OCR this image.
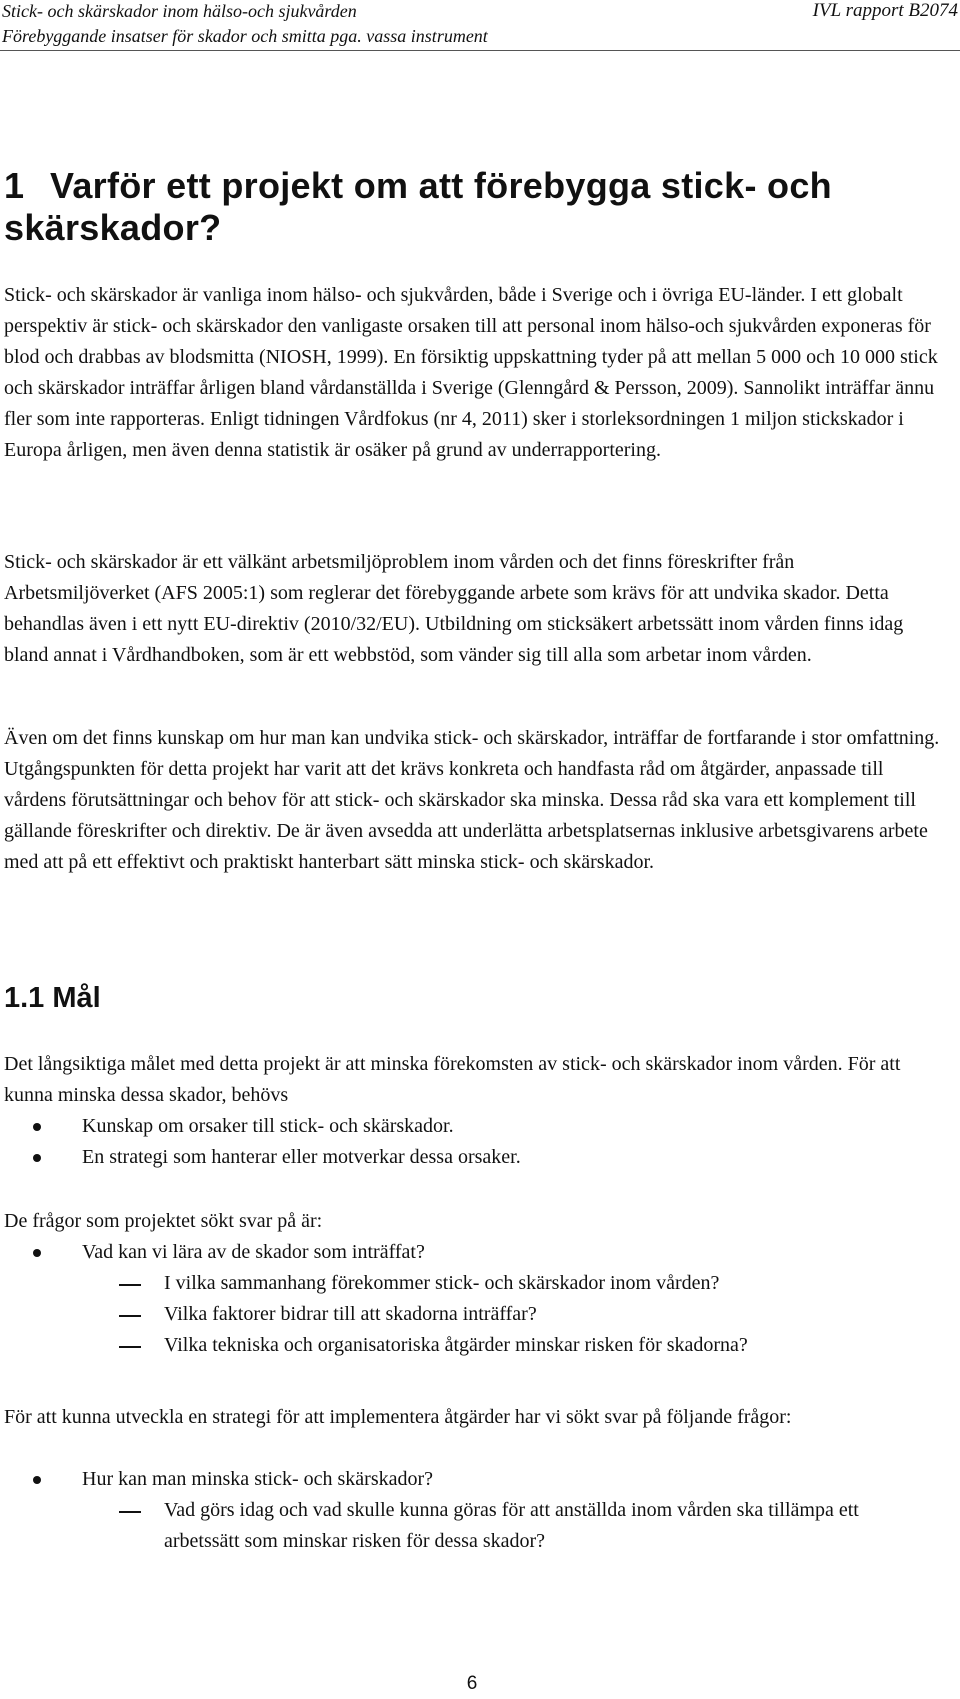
Stick- och skärskador inom hälso-och sjukvården
Förebyggande insatser för skador och smitta pga. vassa instrument
IVL rapport B2074
1 Varför ett projekt om att förebygga stick- och skärskador?

Stick- och skärskador är vanliga inom hälso- och sjukvården, både i Sverige och i övriga EU-länder. I ett globalt perspektiv är stick- och skärskador den vanligaste orsaken till att personal inom hälso-och sjukvården exponeras för blod och drabbas av blodsmitta (NIOSH, 1999). En försiktig uppskattning tyder på att mellan 5 000 och 10 000 stick och skärskador inträffar årligen bland vårdanställda i Sverige (Glenngård & Persson, 2009). Sannolikt inträffar ännu fler som inte rapporteras. Enligt tidningen Vårdfokus (nr 4, 2011) sker i storleksordningen 1 miljon stickskador i Europa årligen, men även denna statistik är osäker på grund av underrapportering.

Stick- och skärskador är ett välkänt arbetsmiljöproblem inom vården och det finns föreskrifter från Arbetsmiljöverket (AFS 2005:1) som reglerar det förebyggande arbete som krävs för att undvika skador. Detta behandlas även i ett nytt EU-direktiv (2010/32/EU). Utbildning om sticksäkert arbetssätt inom vården finns idag bland annat i Vårdhandboken, som är ett webbstöd, som vänder sig till alla som arbetar inom vården.

Även om det finns kunskap om hur man kan undvika stick- och skärskador, inträffar de fortfarande i stor omfattning. Utgångspunkten för detta projekt har varit att det krävs konkreta och handfasta råd om åtgärder, anpassade till vårdens förutsättningar och behov för att stick- och skärskador ska minska. Dessa råd ska vara ett komplement till gällande föreskrifter och direktiv. De är även avsedda att underlätta arbetsplatsernas inklusive arbetsgivarens arbete med att på ett effektivt och praktiskt hanterbart sätt minska stick- och skärskador.

1.1 Mål

Det långsiktiga målet med detta projekt är att minska förekomsten av stick- och skärskador inom vården. För att kunna minska dessa skador, behövs

Kunskap om orsaker till stick- och skärskador.
En strategi som hanterar eller motverkar dessa orsaker.

De frågor som projektet sökt svar på är:

Vad kan vi lära av de skador som inträffat?
I vilka sammanhang förekommer stick- och skärskador inom vården?
Vilka faktorer bidrar till att skadorna inträffar?
Vilka tekniska och organisatoriska åtgärder minskar risken för skadorna?

För att kunna utveckla en strategi för att implementera åtgärder har vi sökt svar på följande frågor:

Hur kan man minska stick- och skärskador?
Vad görs idag och vad skulle kunna göras för att anställda inom vården ska tillämpa ett arbetssätt som minskar risken för dessa skador?
6
